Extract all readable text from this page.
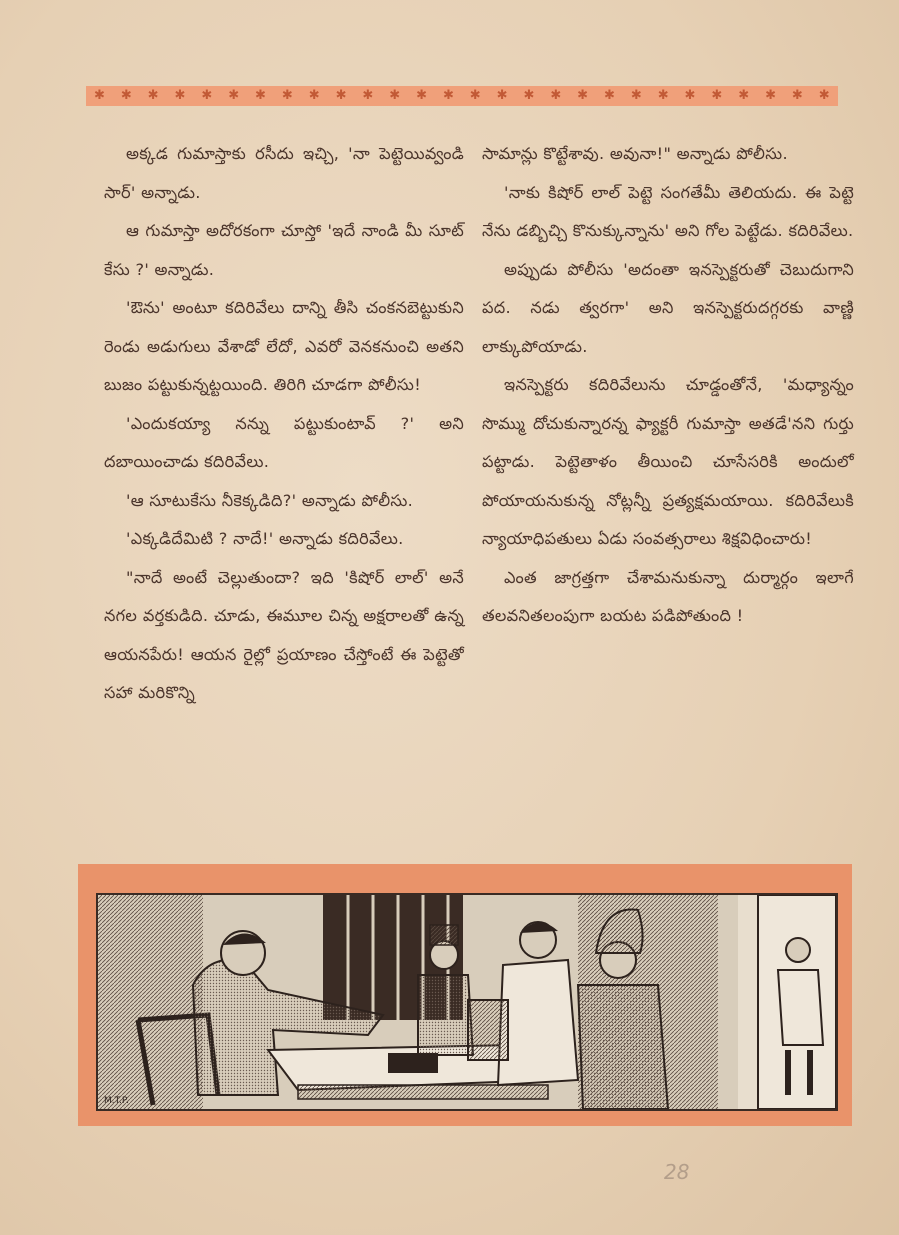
✱ ✱ ✱ ✱ ✱ ✱ ✱ ✱ ✱ ✱ ✱ ✱ ✱ ✱ ✱ ✱ ✱ ✱ ✱ ✱ ✱ ✱ ✱ ✱ ✱ ✱ ✱ ✱

అక్కడ గుమాస్తాకు రసీదు ఇచ్చి, 'నా పెట్టెయివ్వండి సార్' అన్నాడు.

ఆ గుమాస్తా అదోరకంగా చూస్తో 'ఇదే నాండి మీ సూట్ కేసు ?' అన్నాడు.

'ఔను' అంటూ కదిరివేలు దాన్ని తీసి చంకనబెట్టుకుని రెండు అడుగులు వేశాడో లేదో, ఎవరో వెనకనుంచి అతని బుజం పట్టుకున్నట్టయింది. తిరిగి చూడగా పోలీసు!

'ఎందుకయ్యా నన్ను పట్టుకుంటావ్ ?' అని దబాయించాడు కదిరివేలు.

'ఆ సూటుకేసు నీకెక్కడిది?' అన్నాడు పోలీసు.

'ఎక్కడిదేమిటి ? నాదే!' అన్నాడు కదిరివేలు.

"నాదే అంటే చెల్లుతుందా? ఇది 'కిషోర్ లాల్' అనే నగల వర్తకుడిది. చూడు, ఈమూల చిన్న అక్షరాలతో ఉన్న ఆయనపేరు! ఆయన రైల్లో ప్రయాణం చేస్తోంటే ఈ పెట్టెతో సహా మరికొన్ని

సామాన్లు కొట్టేశావు. అవునా!" అన్నాడు పోలీసు.

'నాకు కిషోర్ లాల్ పెట్టె సంగతేమీ తెలియదు. ఈ పెట్టె నేను డబ్బిచ్చి కొనుక్కున్నాను' అని గోల పెట్టేడు. కదిరివేలు.

అప్పుడు పోలీసు 'అదంతా ఇనస్పెక్టరుతో చెబుదుగాని పద. నడు త్వరగా' అని ఇనస్పెక్టరుదగ్గరకు వాణ్ణి లాక్కుపోయాడు.

ఇనస్పెక్టరు కదిరివేలును చూడ్డంతోనే, 'మధ్యాన్నం సొమ్ము దోచుకున్నారన్న ఫ్యాక్టరీ గుమాస్తా అతడే'నని గుర్తు పట్టాడు. పెట్టెతాళం తీయించి చూసేసరికి అందులో పోయాయనుకున్న నోట్లన్నీ ప్రత్యక్షమయాయి. కదిరివేలుకి న్యాయాధిపతులు ఏడు సంవత్సరాలు శిక్షవిధించారు!

ఎంత జాగ్రత్తగా చేశామనుకున్నా దుర్మార్గం ఇలాగే తలవనితలంపుగా బయట పడిపోతుంది !

M.T.P.
28
